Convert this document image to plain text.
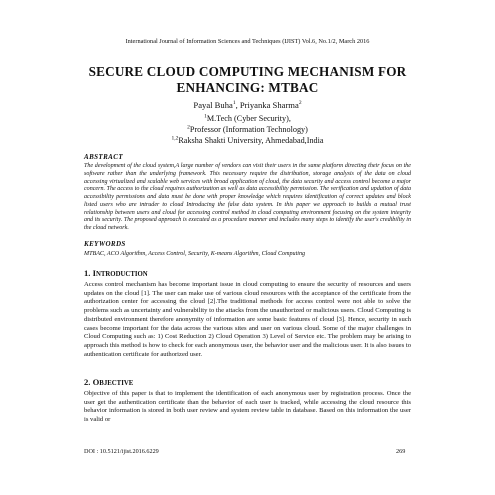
International Journal of Information Sciences and Techniques (IJIST) Vol.6, No.1/2, March 2016
SECURE CLOUD COMPUTING MECHANISM FOR
ENHANCING: MTBAC
Payal Buha$^1$, Priyanka Sharma$^2$
$^1$M.Tech (Cyber Security),
$^2$Professor (Information Technology)
$^{1,2}$Raksha Shakti University, Ahmedabad,India
ABSTRACT
The development of the cloud system,A large number of vendors can visit their users in the same platform directing their focus on the software rather than the underlying framework. This necessary require the distribution, storage analysis of the data on cloud accessing virtualized and scalable web services with broad application of cloud, the data security and access control become a major concern. The access to the cloud requires authorization as well as data accessibility permission. The verification and updation of data accessibility permissions and data must be done with proper knowledge which requires identification of correct updates and block listed users who are intruder to cloud Introducing the false data system. In this paper we approach to builds a mutual trust relationship between users and cloud for accessing control method in cloud computing environment focusing on the system integrity and its security. The proposed approach is executed as a procedure manner and includes many steps to identify the user's credibility in the cloud network.
KEYWORDS
MTBAC, ACO Algorithm, Access Control, Security, K-means Algorithm, Cloud Computing
1. INTRODUCTION
Access control mechanism has become important issue in cloud computing to ensure the security of resources and users updates on the cloud [1]. The user can make use of various cloud resources with the acceptance of the certificate from the authorization center for accessing the cloud [2].The traditional methods for access control were not able to solve the problems such as uncertainty and vulnerability to the attacks from the unauthorized or malicious users. Cloud Computing is distributed environment therefore anonymity of information are some basic features of cloud [3]. Hence, security in such cases become important for the data across the various sites and user on various cloud. Some of the major challenges in Cloud Computing such as: 1) Cost Reduction 2) Cloud Operation 3) Level of Service etc. The problem may be arising to approach this method is how to check for each anonymous user, the behavior user and the malicious user. It is also issues to authentication certificate for authorized user.
2. OBJECTIVE
Objective of this paper is that to implement the identification of each anonymous user by registration process. Once the user get the authentication certificate than the behavior of each user is tracked, while accessing the cloud resource this behavior information is stored in both user review and system review table in database. Based on this information the user is valid or
DOI : 10.5121/ijist.2016.6229	269
